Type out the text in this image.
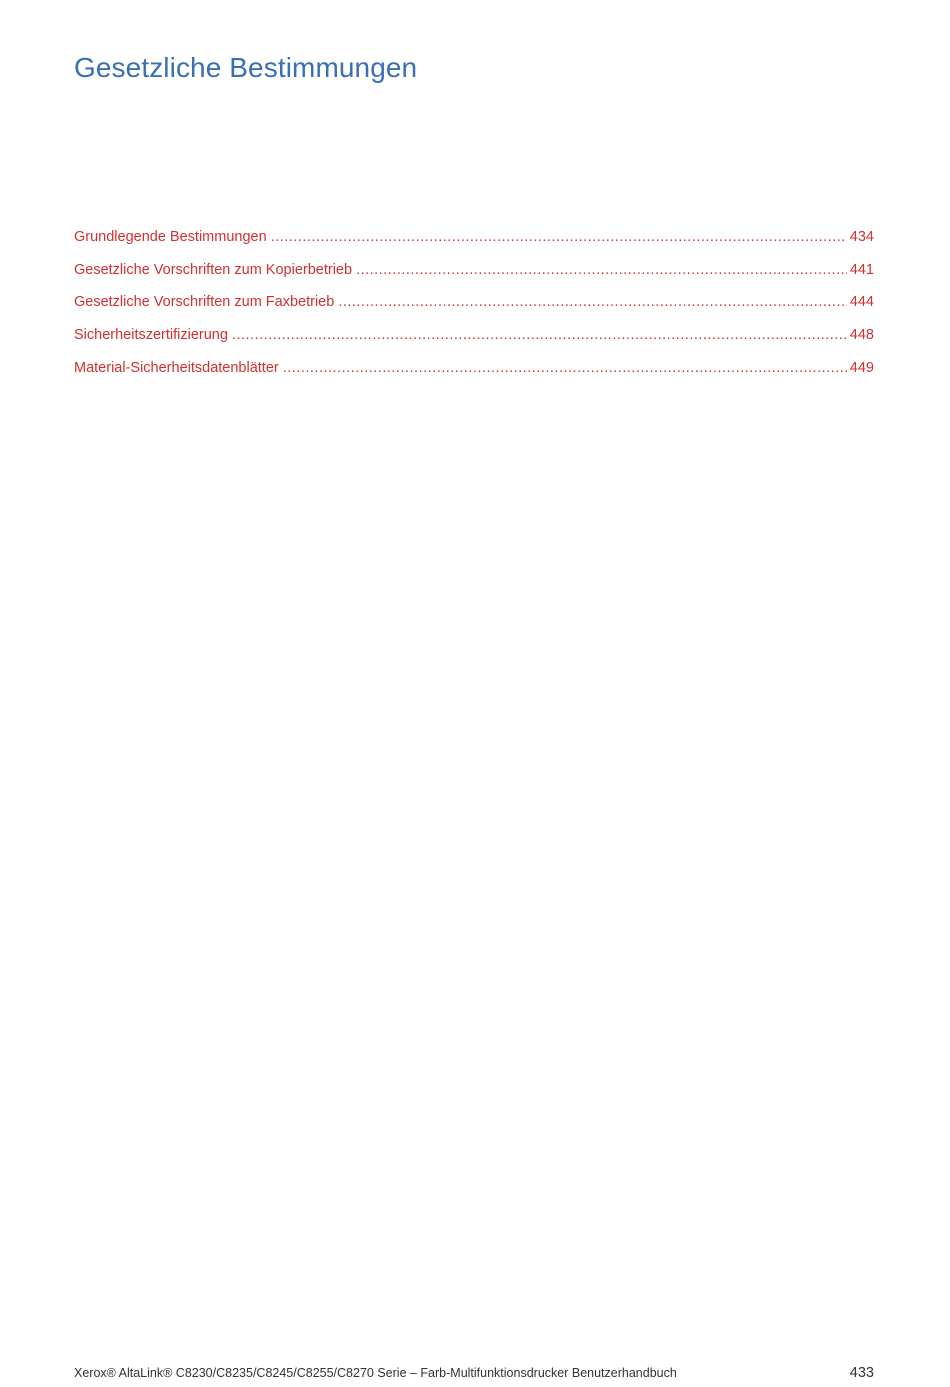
Gesetzliche Bestimmungen
Grundlegende Bestimmungen .....	434
Gesetzliche Vorschriften zum Kopierbetrieb .....	441
Gesetzliche Vorschriften zum Faxbetrieb .....	444
Sicherheitszertifizierung .....	448
Material-Sicherheitsdatenblätter .....	449
Xerox® AltaLink® C8230/C8235/C8245/C8255/C8270 Serie – Farb-Multifunktionsdrucker Benutzerhandbuch	433
